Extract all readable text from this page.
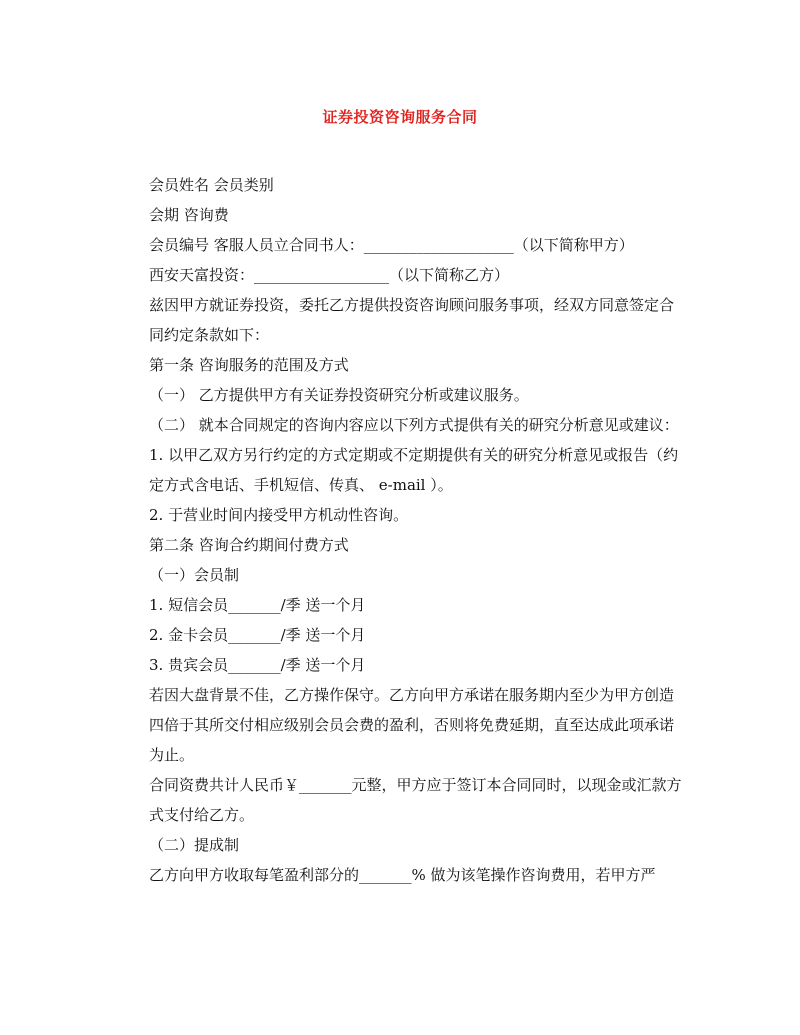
证券投资咨询服务合同

会员姓名 会员类别

会期 咨询费

会员编号 客服人员立合同书人：____________________（以下简称甲方）

西安天富投资：__________________（以下简称乙方）

兹因甲方就证券投资，委托乙方提供投资咨询顾问服务事项，经双方同意签定合同约定条款如下：

第一条 咨询服务的范围及方式

（一） 乙方提供甲方有关证券投资研究分析或建议服务。

（二） 就本合同规定的咨询内容应以下列方式提供有关的研究分析意见或建议：

1. 以甲乙双方另行约定的方式定期或不定期提供有关的研究分析意见或报告（约定方式含电话、手机短信、传真、 e-mail ）。

2. 于营业时间内接受甲方机动性咨询。

第二条 咨询合约期间付费方式

（一）会员制

1. 短信会员_______/季 送一个月

2. 金卡会员_______/季 送一个月

3. 贵宾会员_______/季 送一个月

若因大盘背景不佳，乙方操作保守。乙方向甲方承诺在服务期内至少为甲方创造四倍于其所交付相应级别会员会费的盈利，否则将免费延期，直至达成此项承诺为止。

合同资费共计人民币￥_______元整，甲方应于签订本合同同时，以现金或汇款方式支付给乙方。

（二）提成制

乙方向甲方收取每笔盈利部分的_______% 做为该笔操作咨询费用，若甲方严
